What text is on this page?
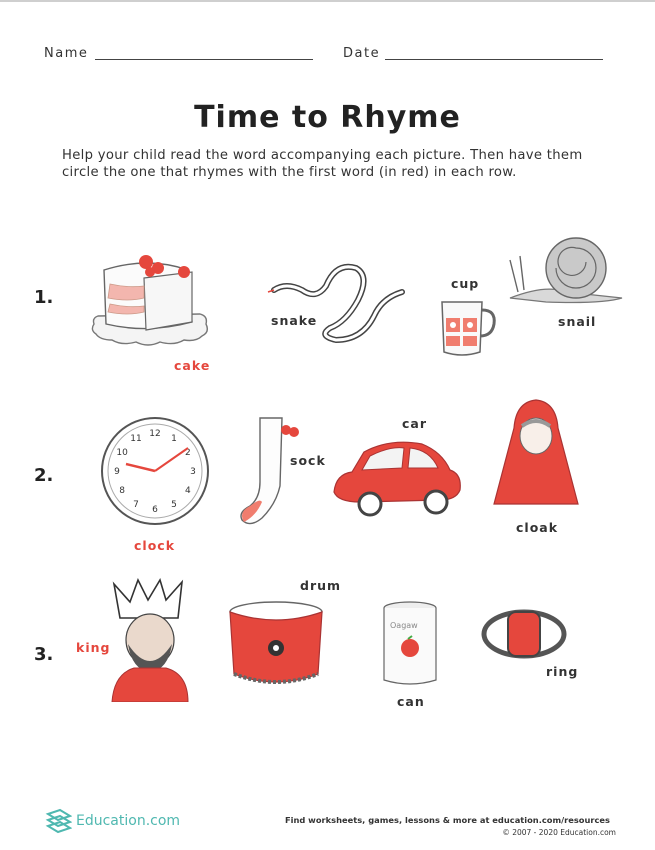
Name	Date
Time to Rhyme
Help your child read the word accompanying each picture. Then have them circle the one that rhymes with the first word (in red) in each row.
1.
cake
snake
cup
snail
2.
12
1
2
3
4
5
6
7
8
9
10
11
clock
sock
car
cloak
3. king
drum
Oagaw
can
ring
Education.com	Find worksheets, games, lessons & more at education.com/resources
© 2007 - 2020 Education.com
